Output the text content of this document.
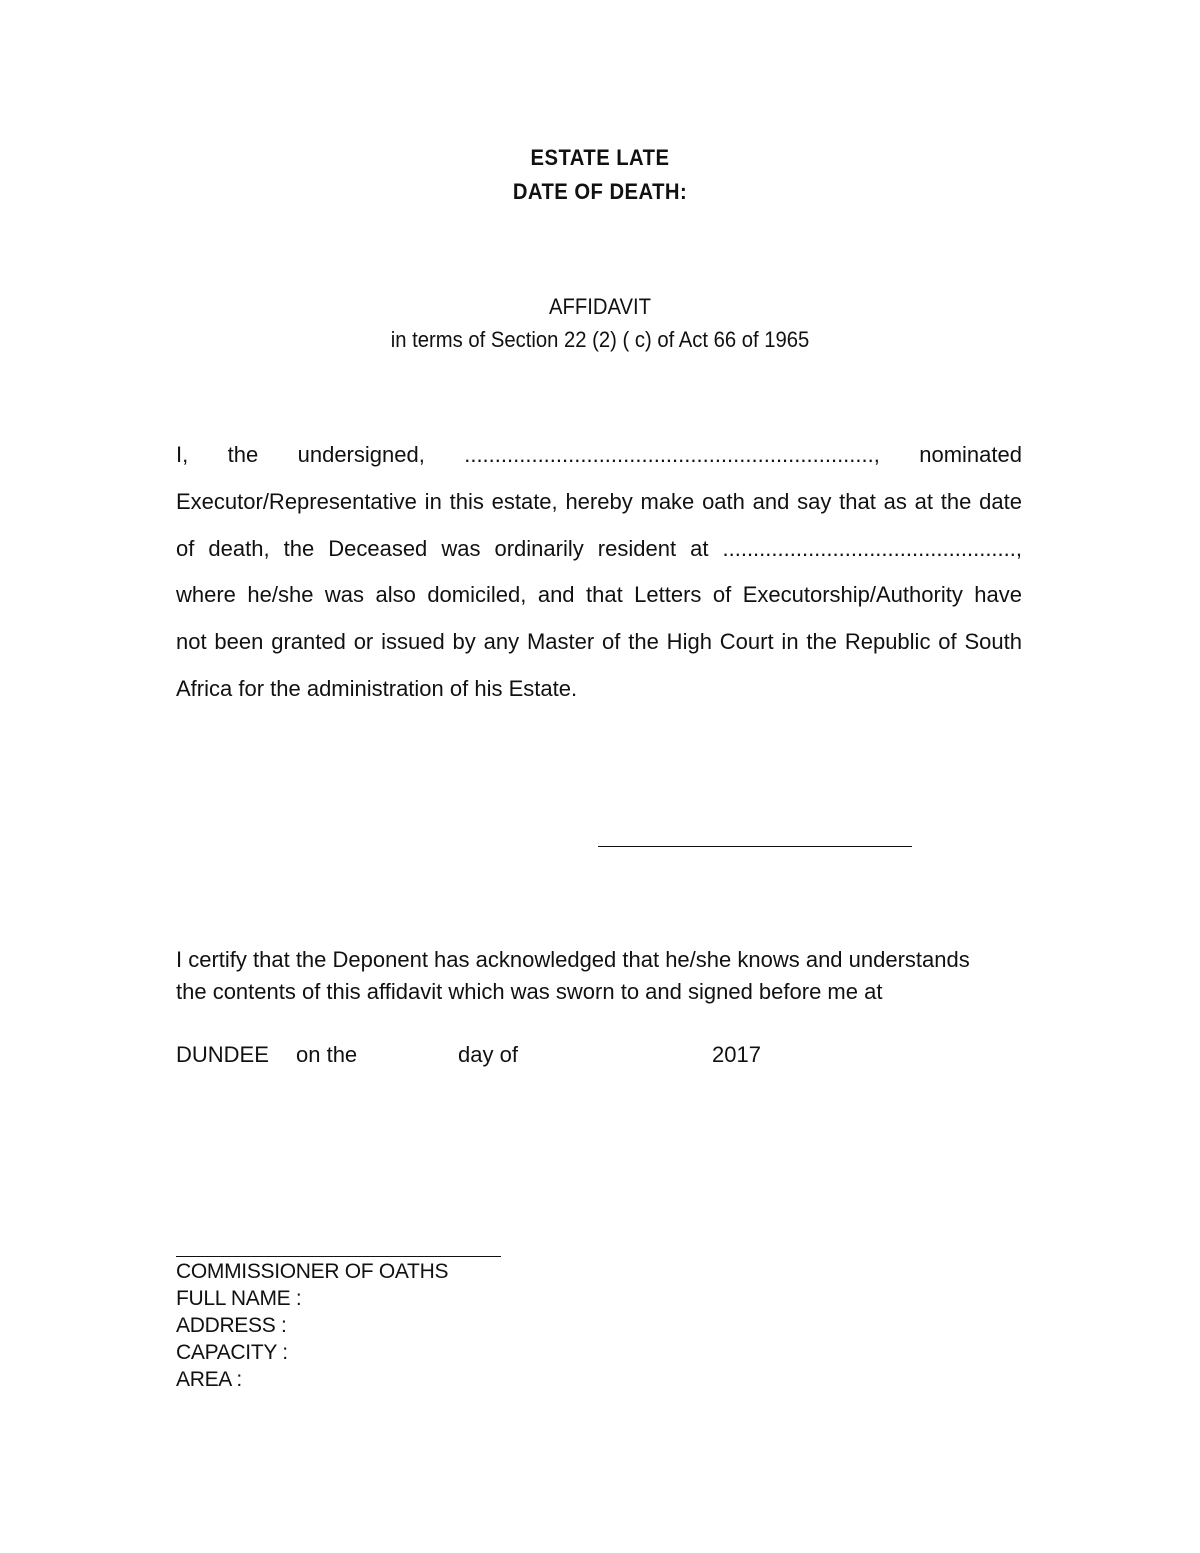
ESTATE LATE
DATE OF DEATH:
AFFIDAVIT
in terms of Section 22 (2) ( c) of Act 66 of 1965
I, the undersigned, ..................................................................., nominated
Executor/Representative in this estate, hereby make oath and say that as at the date
of death, the Deceased was ordinarily resident at ................................................,
where he/she was also domiciled, and that Letters of Executorship/Authority have
not been granted or issued by any Master of the High Court in the Republic of South
Africa for the administration of his Estate.
I certify that the Deponent has acknowledged that he/she knows and understands
the contents of this affidavit which was sworn to and signed before me at
DUNDEE on the	day of	2017
COMMISSIONER OF OATHS
FULL NAME :
ADDRESS :
CAPACITY :
AREA :
